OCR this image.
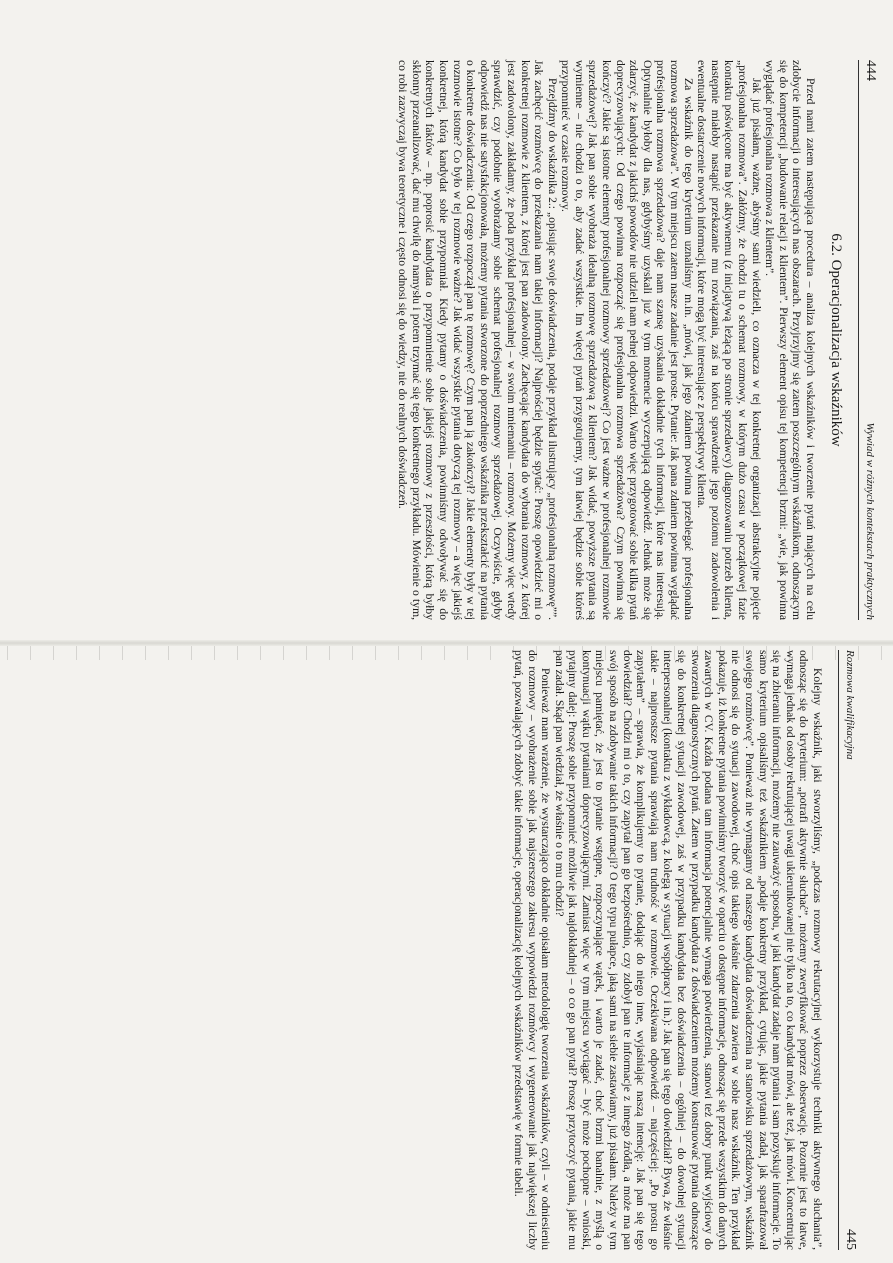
444
Wywiad w różnych kontekstach praktycznych
6.2. Operacjonalizacja wskaźników

Przed nami zatem następująca procedura – analiza kolejnych wskaźników i tworzenie pytań mających na celu zdobycie informacji o interesujących nas obszarach. Przyjrzyjmy się zatem poszczególnym wskaźnikom, odnoszącym się do kompetencji „budowanie relacji z klientem”. Pierwszy element opisu tej kompetencji brzmi: „wie, jak powinna wyglądać profesjonalna rozmowa z klientem”.

Jak już pisałam, ważne, abyśmy sami wiedzieli, co oznacza w tej konkretnej organizacji abstrakcyjne pojęcie „profesjonalna rozmowa”. Załóżmy, że chodzi tu o schemat rozmowy, w którym dużo czasu w początkowej fazie kontaktu poświęcone ma być aktywnemu (z inicjatywą leżącą po stronie sprzedawcy) diagnozowaniu potrzeb klienta, następnie miałoby nastąpić przekazanie mu rozwiązania, zaś na końcu sprawdzenie jego poziomu zadowolenia i ewentualne dostarczenie nowych informacji, które mogą być interesujące z perspektywy klienta.

Za wskaźnik do tego kryterium uznaliśmy m.in. „mówi, jak jego zdaniem powinna przebiegać profesjonalna rozmowa sprzedażowa”. W tym miejscu zatem nasze zadanie jest proste. Pytanie: Jak pana zdaniem powinna wyglądać profesjonalna rozmowa sprzedażowa? daje nam szansę uzyskania dokładnie tych informacji, które nas interesują. Optymalnie byłoby dla nas, gdybyśmy uzyskali już w tym momencie wyczerpującą odpowiedź. Jednak może się zdarzyć, że kandydat z jakichś powodów nie udzieli nam pełnej odpowiedzi. Warto więc przygotować sobie kilka pytań doprecyzowujących: Od czego powinna rozpocząć się profesjonalna rozmowa sprzedażowa? Czym powinna się kończyć? Jakie są istotne elementy profesjonalnej rozmowy sprzedażowej? Co jest ważne w profesjonalnej rozmowie sprzedażowej? Jak pan sobie wyobraża idealną rozmowę sprzedażową z klientem? Jak widać, powyższe pytania są wymienne – nie chodzi o to, aby zadać wszystkie. Im więcej pytań przygotujemy, tym łatwiej będzie sobie któreś przypomnieć w czasie rozmowy.

Przejdźmy do wskaźnika 2.: „opisując swoje doświadczenia, podaje przykład ilustrujący „profesjonalną rozmowę””. Jak zachęcić rozmówcę do przekazania nam takiej informacji? Najprościej będzie spytać: Proszę opowiedzieć mi o konkretnej rozmowie z klientem, z której jest pan zadowolony. Zachęcając kandydata do wybrania rozmowy, z której jest zadowolony, zakładamy, że poda przykład profesjonalnej – w swoim mniemaniu – rozmowy. Możemy więc wtedy sprawdzić, czy podobnie wyobrażamy sobie schemat profesjonalnej rozmowy sprzedażowej. Oczywiście, gdyby odpowiedź nas nie satysfakcjonowała, możemy pytania stworzone do poprzedniego wskaźnika przekształcić na pytania o konkretne doświadczenia: Od czego rozpoczął pan tę rozmowę? Czym pan ją zakończył? Jakie elementy były w tej rozmowie istotne? Co było w tej rozmowie ważne? Jak widać wszystkie pytania dotyczą tej rozmowy – a więc jakiejś konkretnej, którą kandydat sobie przypomniał. Kiedy pytamy o doświadczenia, powinniśmy odwoływać się do konkretnych faktów – np. poprosić kandydata o przypomnienie sobie jakiejś rozmowy z przeszłości, którą byłby skłonny przeanalizować, dać mu chwilę do namysłu i potem trzymać się tego konkretnego przykładu. Mówienie o tym, co robi zazwyczaj bywa teoretyczne i często odnosi się do wiedzy, nie do realnych doświadczeń.

Rozmowa kwalifikacyjna
445

Kolejny wskaźnik, jaki stworzyliśmy, „podczas rozmowy rekrutacyjnej wykorzystuje techniki aktywnego słuchania”, odnosząc się do kryterium: „potrafi aktywnie słuchać”, możemy zweryfikować poprzez obserwację. Pozornie jest to łatwe, wymaga jednak od osoby rekrutującej uwagi ukierunkowanej nie tylko na to, co kandydat mówi, ale też, jak mówi. Koncentrując się na zbieraniu informacji, możemy nie zauważyć sposobu, w jaki kandydat zadaje nam pytania i sam pozyskuje informacje. To samo kryterium opisaliśmy też wskaźnikiem „podaje konkretny przykład, cytując, jakie pytania zadał, jak sparafrazował swojego rozmówcę”. Ponieważ nie wymagamy od naszego kandydata doświadczenia na stanowisku sprzedażowym, wskaźnik nie odnosi się do sytuacji zawodowej, choć opis takiego właśnie zdarzenia zawiera w sobie nasz wskaźnik. Ten przykład pokazuje, iż konkretne pytania powinniśmy tworzyć w oparciu o dostępne informacje, odnosząc się przede wszystkim do danych zawartych w CV. Każda podana tam informacja potencjalnie wymaga potwierdzenia, stanowi też dobry punkt wyjściowy do stworzenia diagnostycznych pytań. Zatem w przypadku kandydata z doświadczeniem możemy konstruować pytania odnoszące się do konkretnej sytuacji zawodowej, zaś w przypadku kandydata bez doświadczenia – ogólniej – do dowolnej sytuacji interpersonalnej (kontaktu z wykładowcą, z kolegą w sytuacji współpracy i in.): Jak pan się tego dowiedział? Bywa, że właśnie takie – najprostsze pytania sprawiają nam trudność w rozmowie. Oczekiwana odpowiedź – najczęściej: „Po prostu go zapytałem” – sprawia, że komplikujemy to pytanie, dodając do niego inne, wyjaśniając naszą intencję: Jak pan się tego dowiedział? Chodzi mi o to, czy zapytał pan go bezpośrednio, czy zdobył pan te informacje z innego źródła, a może ma pan swój sposób na zdobywanie takich informacji? O tego typu pułapce, jaką sami na siebie zastawiamy, już pisałam. Należy w tym miejscu pamiętać, że jest to pytanie wstępne, rozpoczynające wątek, i warto je zadać, choć brzmi banalnie, z myślą o kontynuacji wątku pytaniami doprecyzowującymi. Zamiast więc w tym miejscu wyciągać – być może pochopne – wnioski, pytajmy dalej: Proszę sobie przypomnieć możliwie jak najdokładniej – o co go pan pytał? Proszę przytoczyć pytania, jakie mu pan zadał. Skąd pan wiedział, że właśnie o to mu chodzi?

Ponieważ mam wrażenie, że wystarczająco dokładnie opisałam metodologię tworzenia wskaźników, czyli – w odniesieniu do rozmowy – wyobrażenie sobie jak najszerszego zakresu wypowiedzi rozmówcy i wygenerowanie jak największej liczby pytań, pozwalających zdobyć takie informacje, operacjonalizację kolejnych wskaźników przedstawię w formie tabeli.
